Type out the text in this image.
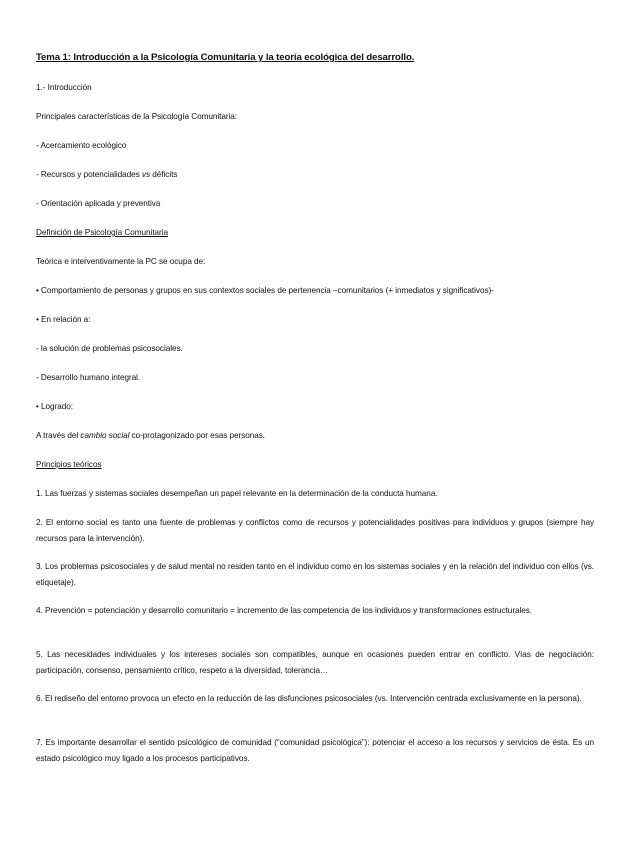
Tema 1: Introducción a la Psicología Comunitaria y la teoría ecológica del desarrollo.
1.- Introducción
Principales características de la Psicología Comunitaria:
- Acercamiento ecológico
- Recursos y potencialidades vs déficits
- Orientación aplicada y preventiva
Definición de Psicología Comunitaria
Teórica e interventivamente la PC se ocupa de:
• Comportamiento de personas y grupos en sus contextos sociales de pertenencia –comunitarios (+ inmediatos y significativos)-
• En relación a:
- la solución de problemas psicosociales.
- Desarrollo humano integral.
• Logrado:
A través del cambio social co-protagonizado por esas personas.
Principios teóricos
1. Las fuerzas y sistemas sociales desempeñan un papel relevante en la determinación de la conducta humana.
2. El entorno social es tanto una fuente de problemas y conflictos como de recursos y potencialidades positivas para individuos y grupos (siempre hay recursos para la intervención).
3. Los problemas psicosociales y de salud mental no residen tanto en el individuo como en los sistemas sociales y en la relación del individuo con ellos (vs. etiquetaje).
4. Prevención = potenciación y desarrollo comunitario = incremento de las competencia de los individuos y transformaciones estructurales.
5. Las necesidades individuales y los intereses sociales son compatibles, aunque en ocasiones pueden entrar en conflicto. Vías de negociación: participación, consenso, pensamiento crítico, respeto a la diversidad, tolerancia…
6. El rediseño del entorno provoca un efecto en la reducción de las disfunciones psicosociales (vs. Intervención centrada exclusivamente en la persona).
7. Es importante desarrollar el sentido psicológico de comunidad (“comunidad psicológica”): potenciar el acceso a los recursos y servicios de ésta. Es un estado psicológico muy ligado a los procesos participativos.
